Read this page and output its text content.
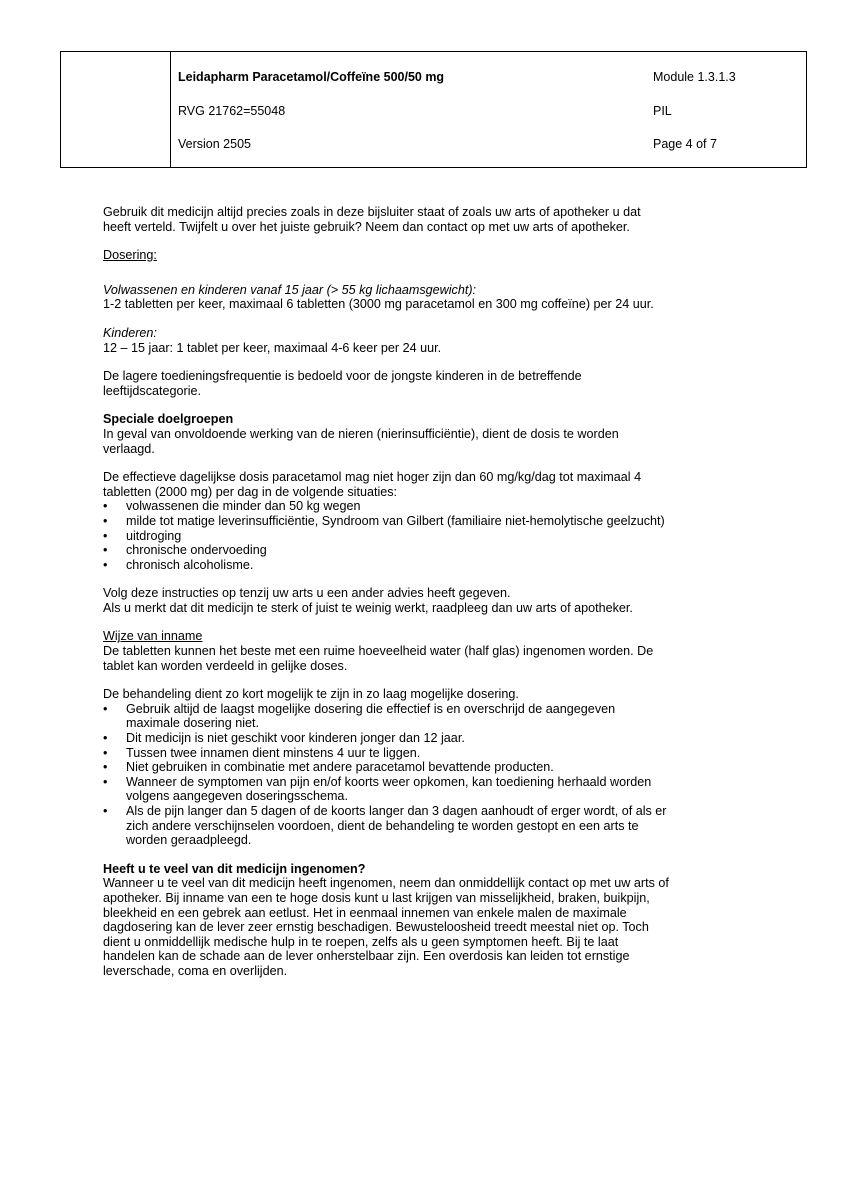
Leidapharm Paracetamol/Coffeïne 500/50 mg
RVG 21762=55048
Version 2505
Module 1.3.1.3
PIL
Page 4 of 7

Gebruik dit medicijn altijd precies zoals in deze bijsluiter staat of zoals uw arts of apotheker u dat

heeft verteld. Twijfelt u over het juiste gebruik? Neem dan contact op met uw arts of apotheker.

Dosering:

Volwassenen en kinderen vanaf 15 jaar (> 55 kg lichaamsgewicht):

1-2 tabletten per keer, maximaal 6 tabletten (3000 mg paracetamol en 300 mg coffeïne) per 24 uur.

Kinderen:

12 – 15 jaar: 1 tablet per keer, maximaal 4-6 keer per 24 uur.

De lagere toedieningsfrequentie is bedoeld voor de jongste kinderen in de betreffende

leeftijdscategorie.

Speciale doelgroepen

In geval van onvoldoende werking van de nieren (nierinsufficiëntie), dient de dosis te worden

verlaagd.

De effectieve dagelijkse dosis paracetamol mag niet hoger zijn dan 60 mg/kg/dag tot maximaal 4

tabletten (2000 mg) per dag in de volgende situaties:

• volwassenen die minder dan 50 kg wegen
• milde tot matige leverinsufficiëntie, Syndroom van Gilbert (familiaire niet-hemolytische geelzucht)
• uitdroging
• chronische ondervoeding
• chronisch alcoholisme.

Volg deze instructies op tenzij uw arts u een ander advies heeft gegeven.

Als u merkt dat dit medicijn te sterk of juist te weinig werkt, raadpleeg dan uw arts of apotheker.

Wijze van inname

De tabletten kunnen het beste met een ruime hoeveelheid water (half glas) ingenomen worden. De

tablet kan worden verdeeld in gelijke doses.

De behandeling dient zo kort mogelijk te zijn in zo laag mogelijke dosering.

• Gebruik altijd de laagst mogelijke dosering die effectief is en overschrijd de aangegeven
maximale dosering niet.
• Dit medicijn is niet geschikt voor kinderen jonger dan 12 jaar.
• Tussen twee innamen dient minstens 4 uur te liggen.
• Niet gebruiken in combinatie met andere paracetamol bevattende producten.
• Wanneer de symptomen van pijn en/of koorts weer opkomen, kan toediening herhaald worden
volgens aangegeven doseringsschema.
• Als de pijn langer dan 5 dagen of de koorts langer dan 3 dagen aanhoudt of erger wordt, of als er
zich andere verschijnselen voordoen, dient de behandeling te worden gestopt en een arts te
worden geraadpleegd.

Heeft u te veel van dit medicijn ingenomen?

Wanneer u te veel van dit medicijn heeft ingenomen, neem dan onmiddellijk contact op met uw arts of

apotheker. Bij inname van een te hoge dosis kunt u last krijgen van misselijkheid, braken, buikpijn,

bleekheid en een gebrek aan eetlust. Het in eenmaal innemen van enkele malen de maximale

dagdosering kan de lever zeer ernstig beschadigen. Bewusteloosheid treedt meestal niet op. Toch

dient u onmiddellijk medische hulp in te roepen, zelfs als u geen symptomen heeft. Bij te laat

handelen kan de schade aan de lever onherstelbaar zijn. Een overdosis kan leiden tot ernstige

leverschade, coma en overlijden.
